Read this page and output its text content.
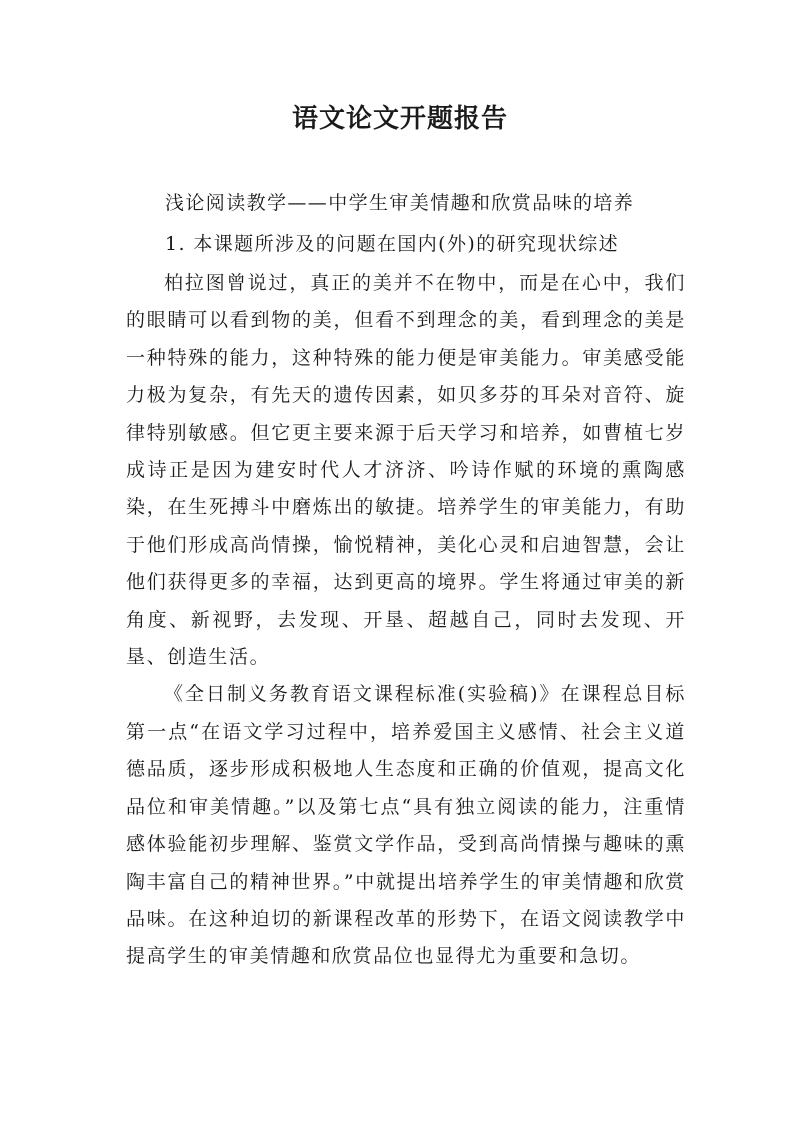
语文论文开题报告
浅论阅读教学——中学生审美情趣和欣赏品味的培养
1. 本课题所涉及的问题在国内(外)的研究现状综述

柏拉图曾说过，真正的美并不在物中，而是在心中，我们的眼睛可以看到物的美，但看不到理念的美，看到理念的美是一种特殊的能力，这种特殊的能力便是审美能力。审美感受能力极为复杂，有先天的遗传因素，如贝多芬的耳朵对音符、旋律特别敏感。但它更主要来源于后天学习和培养，如曹植七岁成诗正是因为建安时代人才济济、吟诗作赋的环境的熏陶感染，在生死搏斗中磨炼出的敏捷。培养学生的审美能力，有助于他们形成高尚情操，愉悦精神，美化心灵和启迪智慧，会让他们获得更多的幸福，达到更高的境界。学生将通过审美的新角度、新视野，去发现、开垦、超越自己，同时去发现、开垦、创造生活。

《全日制义务教育语文课程标准(实验稿)》在课程总目标第一点“在语文学习过程中，培养爱国主义感情、社会主义道德品质，逐步形成积极地人生态度和正确的价值观，提高文化品位和审美情趣。”以及第七点“具有独立阅读的能力，注重情感体验能初步理解、鉴赏文学作品，受到高尚情操与趣味的熏陶丰富自己的精神世界。”中就提出培养学生的审美情趣和欣赏品味。在这种迫切的新课程改革的形势下，在语文阅读教学中提高学生的审美情趣和欣赏品位也显得尤为重要和急切。
